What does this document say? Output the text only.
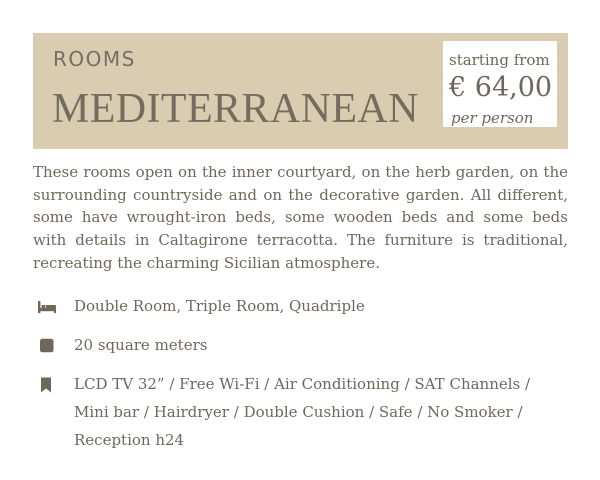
ROOMS
MEDITERRANEAN
starting from
€ 64,00
per person

These rooms open on the inner courtyard, on the herb garden, on the surrounding countryside and on the decorative garden. All different, some have wrought-iron beds, some wooden beds and some beds with details in Caltagirone terracotta. The furniture is traditional, recreating the charming Sicilian atmosphere.

Double Room, Triple Room, Quadriple
20 square meters
LCD TV 32” / Free Wi-Fi / Air Conditioning / SAT Channels / Mini bar / Hairdryer / Double Cushion / Safe / No Smoker / Reception h24
